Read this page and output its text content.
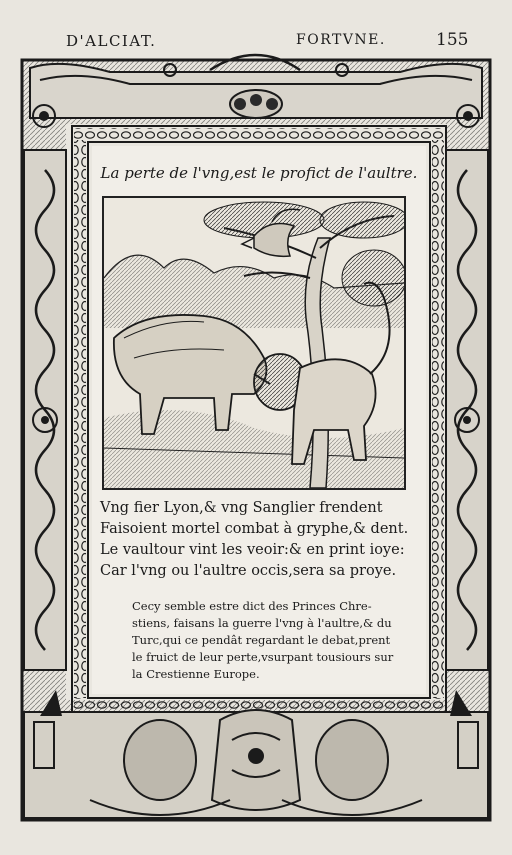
D'ALCIAT.	FORTVNE.	155
La perte de l'vng,est le profict de l'aultre.
Vng fier Lyon,& vng Sanglier frendent
Faisoient mortel combat à gryphe,& dent.
Le vaultour vint les veoir:& en print ioye:
Car l'vng ou l'aultre occis,sera sa proye.
Cecy semble estre dict des Princes Chre-
stiens, faisans la guerre l'vng à l'aultre,& du
Turc,qui ce pendât regardant le debat,prent
le fruict de leur perte,vsurpant tousiours sur
la Crestienne Europe.
